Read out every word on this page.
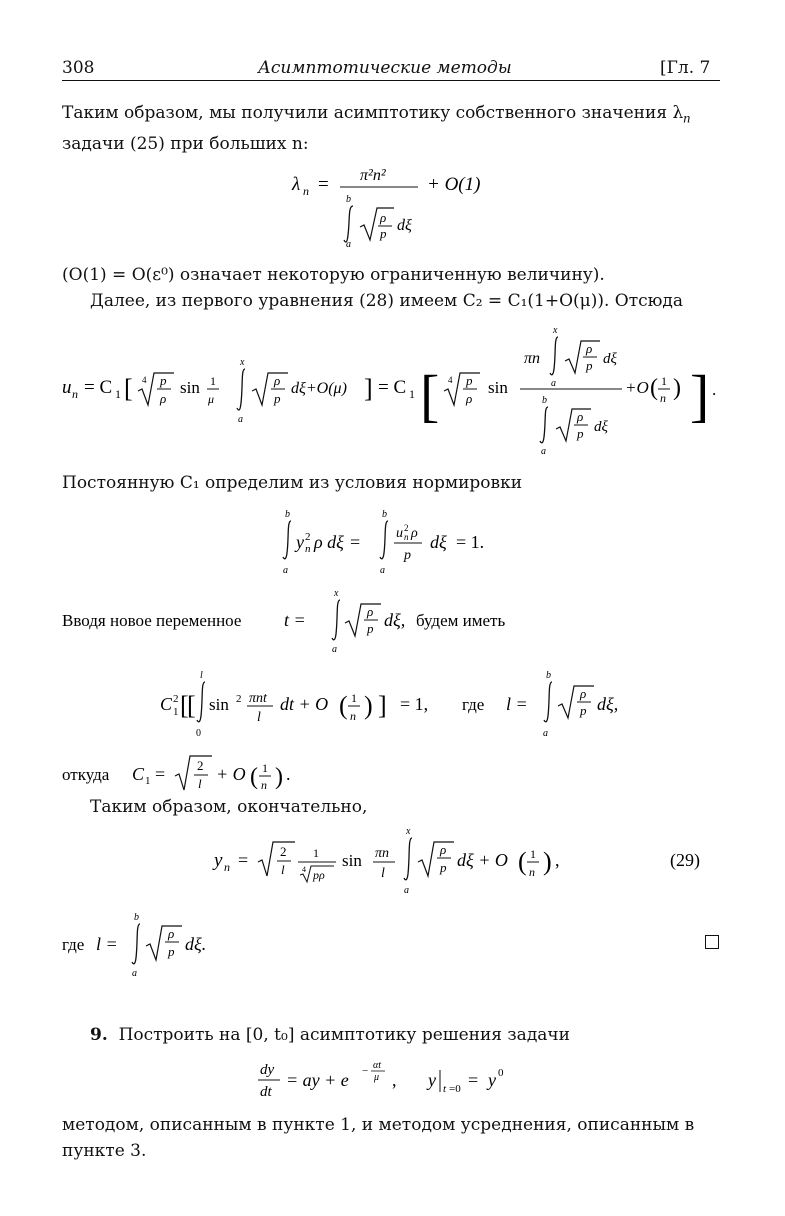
308	Асимптотические методы	[Гл. 7
Таким образом, мы получили асимптотику собственного значения $\lambda_n$
задачи (25) при больших n:
λ n = π²n² + O(1)
b
a
ρ
p dξ
(O(1) = O(ε⁰) означает некоторую ограниченную величину).
Далее, из первого уравнения (28) имеем C₂ = C₁(1+O(μ)). Отсюда
u n = C 1 [ 4 p
ρ
sin 1
μ
x
a
ρ
p
dξ+O(μ) ] = C 1 [ 4 p
ρ
sin
πn
x
a
ρ
p dξ
b
a
ρ
p dξ
+O ( 1
n ) ] .
Постоянную C₁ определим из условия нормировки
b
a
y 2
n ρ dξ =
b
a
u 2
n ρ
p
dξ = 1.
Вводя новое переменное t =
x
a
ρ
p dξ, будем иметь
C 2
1 [
[
l
0
sin 2 πnt
l
dt + O ( 1
n ) ] = 1, где l =
b
a
ρ
p dξ,
откуда C 1 = 2
l + O ( 1
n ) .
Таким образом, окончательно,
y n = 2
l
1
4 pρ
sin πn
l
x
a
ρ
p dξ + O ( 1
n ) ,	(29)
где l =
b
a
ρ
p dξ.
9. Построить на [0, t₀] асимптотику решения задачи
dy
dt
= ay + e − αt
μ , y t =0 = y 0
методом, описанным в пункте 1, и методом усреднения, описанным в пункте 3.
